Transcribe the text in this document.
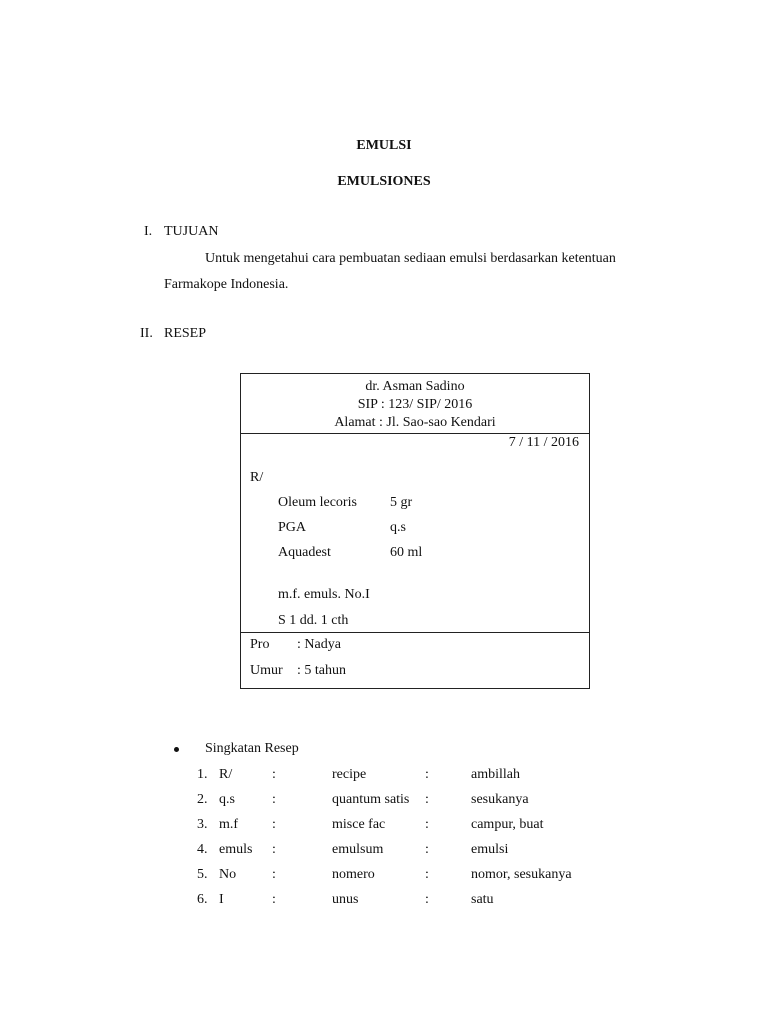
EMULSI
EMULSIONES
I. TUJUAN
Untuk mengetahui cara pembuatan sediaan emulsi berdasarkan ketentuan
Farmakope Indonesia.
II. RESEP
dr. Asman Sadino
SIP : 123/ SIP/ 2016
Alamat : Jl. Sao-sao Kendari
7 / 11 / 2016
R/
Oleum lecoris 5 gr
PGA	q.s
Aquadest	60 ml
m.f. emuls. No.I
S 1 dd. 1 cth
Pro : Nadya
Umur : 5 tahun
Singkatan Resep
1. R/	:	recipe	:	ambillah
2. q.s	:	quantum satis :	sesukanya
3. m.f :	misce fac	:	campur, buat
4. emuls :	emulsum	:	emulsi
5. No	:	nomero	:	nomor, sesukanya
6. I	:	unus	:	satu
